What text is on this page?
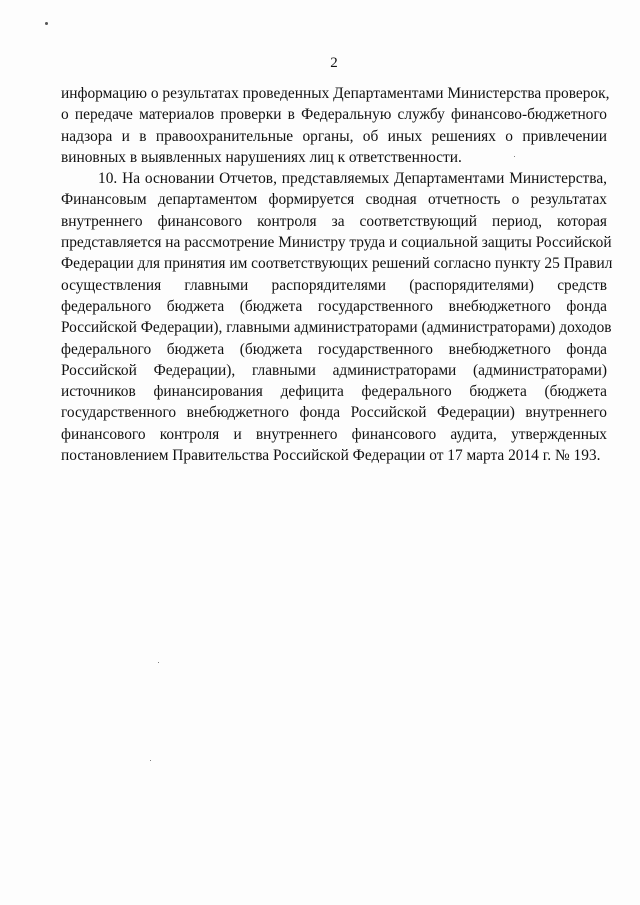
2

информацию о результатах проведенных Департаментами Министерства проверок,
о передаче материалов проверки в Федеральную службу финансово-бюджетного
надзора и в правоохранительные органы, об иных решениях о привлечении
виновных в выявленных нарушениях лиц к ответственности.

10. На основании Отчетов, представляемых Департаментами Министерства,
Финансовым департаментом формируется сводная отчетность о результатах
внутреннего финансового контроля за соответствующий период, которая
представляется на рассмотрение Министру труда и социальной защиты Российской
Федерации для принятия им соответствующих решений согласно пункту 25 Правил
осуществления главными распорядителями (распорядителями) средств
федерального бюджета (бюджета государственного внебюджетного фонда
Российской Федерации), главными администраторами (администраторами) доходов
федерального бюджета (бюджета государственного внебюджетного фонда
Российской Федерации), главными администраторами (администраторами)
источников финансирования дефицита федерального бюджета (бюджета
государственного внебюджетного фонда Российской Федерации) внутреннего
финансового контроля и внутреннего финансового аудита, утвержденных
постановлением Правительства Российской Федерации от 17 марта 2014 г. № 193.
